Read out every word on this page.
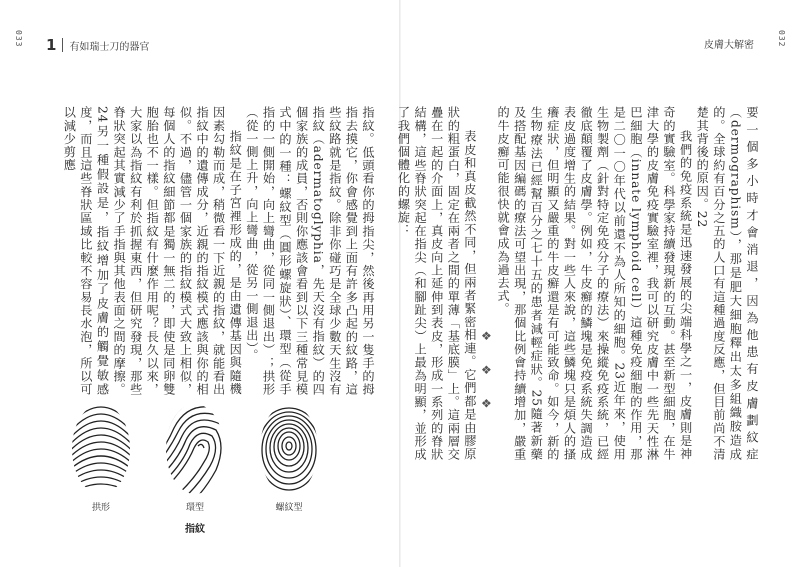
033 1 有如瑞士刀的器官

指紋。低頭看你的拇指尖，然後再用另一隻手的拇指去摸它，你會感覺到上面有許多凸起的紋路，這些紋路就是指紋。除非你碰巧是全球少數天生沒有指紋（adermatoglyphia，先天沒有指紋）的四個家族的成員，否則你應該會看到以下三種常見模式中的一種：螺紋型（圓形螺旋狀）、環型（從手指的一側開始，向上彎曲，從同一側退出）；拱形（從一側上升，向上彎曲，從另一側退出）。

指紋是在子宮裡形成的，是由遺傳基因與隨機因素勾勒而成，稍微看一下近親的指紋，就能看出指紋中的遺傳成分，近親的指紋模式應該與你的相似。不過，儘管一個家族的指紋模式大致上相似，每個人的指紋細節都是獨一無二的，即使是同卵雙胞胎也不一樣。但指紋有什麼作用呢？長久以來，大家以為指紋有利於抓握東西，但研究發現，那些脊狀突起其實減少了手指與其他表面之間的摩擦。24另一種假設是，指紋增加了皮膚的觸覺敏感度，而且這些脊狀區域比較不容易長水泡，所以可以減少剪應

拱形	環型	螺紋型
指紋
032
皮膚大解密

要一個多小時才會消退，因為他患有皮膚劃紋症（dermographism），那是肥大細胞釋出太多組織胺造成的。全球約有百分之五的人口有這種過度反應，但目前尚不清楚其背後的原因。22

我們的免疫系統是迅速發展的尖端科學之一，皮膚則是神奇的實驗室。科學家持續發現新的互動。甚至新型細胞，在牛津大學的皮膚免疫實驗室裡，我可以研究皮膚中一些先天性淋巴細胞（innate lymphoid cell）這種免疫細胞的作用，那是二〇一〇年代以前還不為人所知的細胞。23近年來，使用生物製劑（針對特定免疫分子的療法）來操縱免疫系統，已經徹底顛覆了皮膚學。例如，牛皮癬的鱗塊是免疫系統失調造成表皮過度增生的結果。對一些人來說，這些鱗塊只是煩人的搔癢症狀，但明顯又嚴重的牛皮癬還是有可能致命。如今，新的生物療法已經幫百分之七十五的患者減輕症狀。25隨著新藥及搭配基因編碼的療法可望出現，那個比例會持續增加，嚴重的牛皮癬可能很快就會成為過去式。

❖ ❖ ❖

表皮和真皮截然不同，但兩者緊密相連。它們都是由膠原狀的粗蛋白，固定在兩者之間的單薄「基底膜」上。這兩層交疊在一起的介面上，真皮向上延伸到表皮，形成一系列的脊狀結構，這些脊狀突起在指尖（和腳趾尖）上最為明顯，並形成了我們個體化的螺旋：
